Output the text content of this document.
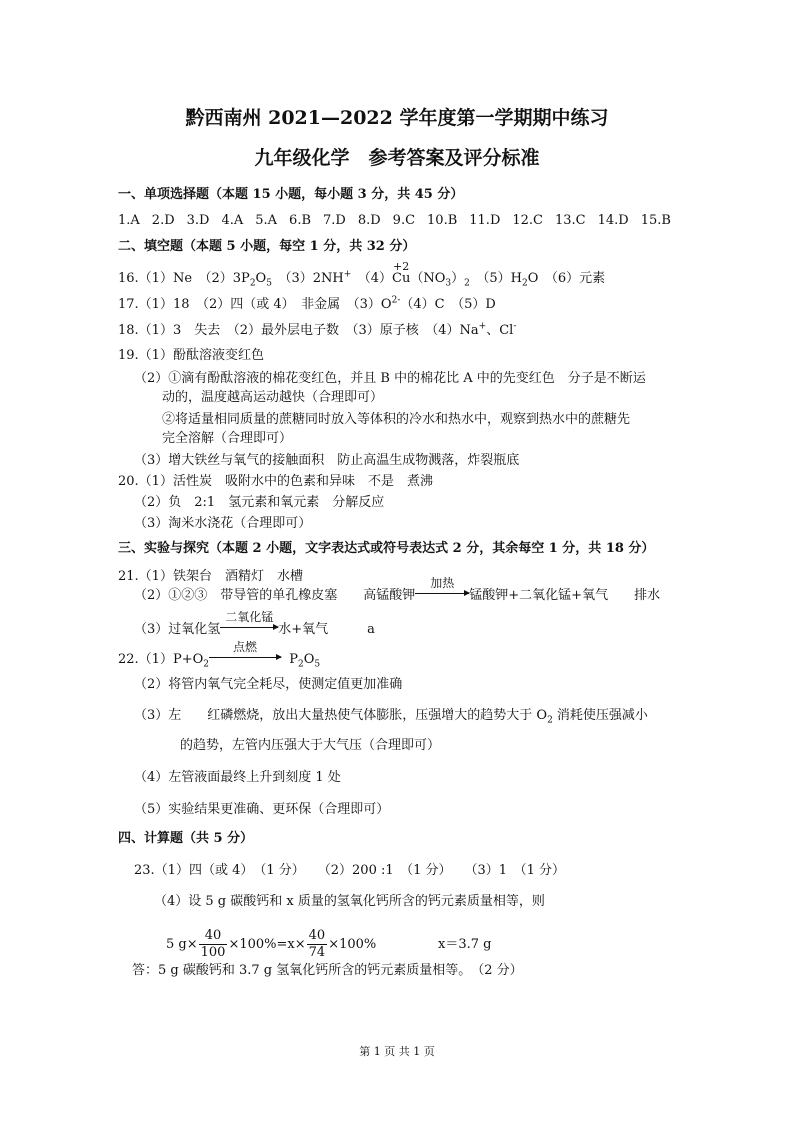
黔西南州 2021—2022 学年度第一学期期中练习
九年级化学　参考答案及评分标准
一、单项选择题（本题 15 小题，每小题 3 分，共 45 分）
1.A 2.D 3.D 4.A 5.A 6.B 7.D 8.D 9.C 10.B 11.D 12.C 13.C 14.D 15.B
二、填空题（本题 5 小题，每空 1 分，共 32 分）
16.（1）Ne　$(2)3P_2O_5$　（3）2NH+　（4）
+2
$Cu(NO_3)_2$　$(5)H_2O$　（6）元素
17.（1）18　（2）四（或 4）　非金属　$(3)O^{2-}(4)C$　（5）D
18.（1）3　失去　（2）最外层电子数　（3）原子核　（4）Na+、Cl-
19.（1）酚酞溶液变红色
（2）①滴有酚酞溶液的棉花变红色，并且 B 中的棉花比 A 中的先变红色　分子是不断运
动的，温度越高运动越快（合理即可）
②将适量相同质量的蔗糖同时放入等体积的冷水和热水中，观察到热水中的蔗糖先
完全溶解（合理即可）
（3）增大铁丝与氧气的接触面积　防止高温生成物溅落，炸裂瓶底
20.（1）活性炭　吸附水中的色素和异味　不是　煮沸
（2）负　2:1　氢元素和氧元素　分解反应
（3）淘米水浇花（合理即可）
三、实验与探究（本题 2 小题，文字表达式或符号表达式 2 分，其余每空 1 分，共 18 分）
21.（1）铁架台　酒精灯　水槽
（2）①②③　带导管的单孔橡皮塞　　高锰酸钾
加热
锰酸钾+二氧化锰+氧气　　排水
（3）过氧化氢
二氧化锰
水+氧气　　　a
$22.(1)P+O_2$
点燃
$P_2O_5$
（2）将管内氧气完全耗尽，使测定值更加准确
（3）左　　红磷燃烧，放出大量热使气体膨胀，压强增大的趋势大于 $O_2$ 消耗使压强减小
的趋势，左管内压强大于大气压（合理即可）
（4）左管液面最终上升到刻度 1 处
（5）实验结果更准确、更环保（合理即可）
四、计算题（共 5 分）
23.（1）四（或 4）　（1 分）　　（2）200 :1　（1 分）　　（3）1　（1 分）
（4）设 5 g 碳酸钙和 x 质量的氢氧化钙所含的钙元素质量相等，则
5 $g\times \frac{40}{100} \times 100\%=x\times \frac{40}{74} \times 100\%$	x＝3.7 g
答：5 g 碳酸钙和 3.7 g 氢氧化钙所含的钙元素质量相等。　（2 分）
第 1 页 共 1 页
